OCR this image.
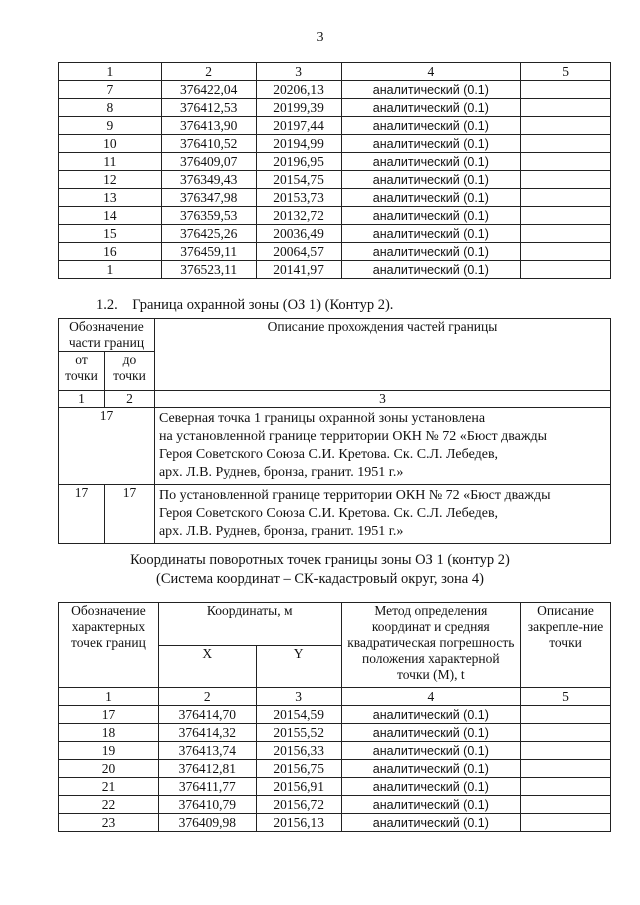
3
1	2	3	4	5
7	376422,04	20206,13	аналитический (0.1)	
8	376412,53	20199,39	аналитический (0.1)	
9	376413,90	20197,44	аналитический (0.1)	
10	376410,52	20194,99	аналитический (0.1)	
11	376409,07	20196,95	аналитический (0.1)	
12	376349,43	20154,75	аналитический (0.1)	
13	376347,98	20153,73	аналитический (0.1)	
14	376359,53	20132,72	аналитический (0.1)	
15	376425,26	20036,49	аналитический (0.1)	
16	376459,11	20064,57	аналитический (0.1)	
1	376523,11	20141,97	аналитический (0.1)	
1.2. Граница охранной зоны (ОЗ 1) (Контур 2).
Обозначение части границ		Описание прохождения частей границы
от точки	до точки	
1	2	3
17		Северная точка 1 границы охранной зоны установлена
на установленной границе территории ОКН № 72 «Бюст дважды
Героя Советского Союза С.И. Кретова. Ск. С.Л. Лебедев,
арх. Л.В. Руднев, бронза, гранит. 1951 г.»

17	17	По установленной границе территории ОКН № 72 «Бюст дважды
Героя Советского Союза С.И. Кретова. Ск. С.Л. Лебедев,
арх. Л.В. Руднев, бронза, гранит. 1951 г.»
Координаты поворотных точек границы зоны ОЗ 1 (контур 2)
(Система координат – СК-кадастровый округ, зона 4)
Обозначение характерных точек границ	Координаты, м		Метод определения координат и средняя квадратическая погрешность положения характерной точки (М), t	Описание закрепле-ние точки
	X	Y		
1	2	3	4	5
17	376414,70	20154,59	аналитический (0.1)	
18	376414,32	20155,52	аналитический (0.1)	
19	376413,74	20156,33	аналитический (0.1)	
20	376412,81	20156,75	аналитический (0.1)	
21	376411,77	20156,91	аналитический (0.1)	
22	376410,79	20156,72	аналитический (0.1)	
23	376409,98	20156,13	аналитический (0.1)	
